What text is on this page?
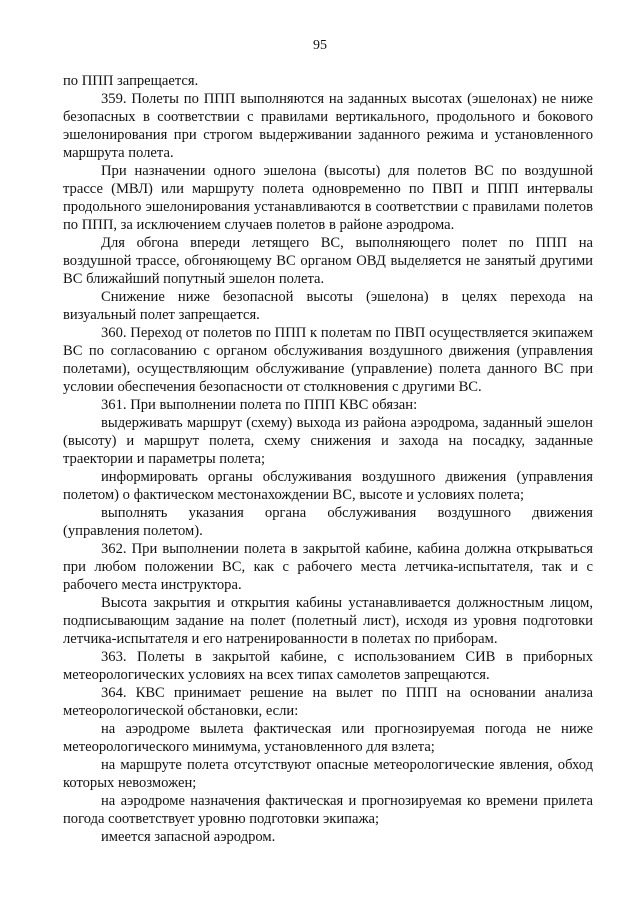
95

по ППП запрещается.

359. Полеты по ППП выполняются на заданных высотах (эшелонах) не ниже безопасных в соответствии с правилами вертикального, продольного и бокового эшелонирования при строгом выдерживании заданного режима и установленного маршрута полета.

При назначении одного эшелона (высоты) для полетов ВС по воздушной трассе (МВЛ) или маршруту полета одновременно по ПВП и ППП интервалы продольного эшелонирования устанавливаются в соответствии с правилами полетов по ППП, за исключением случаев полетов в районе аэродрома.

Для обгона впереди летящего ВС, выполняющего полет по ППП на воздушной трассе, обгоняющему ВС органом ОВД выделяется не занятый другими ВС ближайший попутный эшелон полета.

Снижение ниже безопасной высоты (эшелона) в целях перехода на визуальный полет запрещается.

360. Переход от полетов по ППП к полетам по ПВП осуществляется экипажем ВС по согласованию с органом обслуживания воздушного движения (управления полетами), осуществляющим обслуживание (управление) полета данного ВС при условии обеспечения безопасности от столкновения с другими ВС.

361. При выполнении полета по ППП КВС обязан:

выдерживать маршрут (схему) выхода из района аэродрома, заданный эшелон (высоту) и маршрут полета, схему снижения и захода на посадку, заданные траектории и параметры полета;

информировать органы обслуживания воздушного движения (управления полетом) о фактическом местонахождении ВС, высоте и условиях полета;

выполнять указания органа обслуживания воздушного движения

(управления полетом).

362. При выполнении полета в закрытой кабине, кабина должна открываться при любом положении ВС, как с рабочего места летчика-испытателя, так и с рабочего места инструктора.

Высота закрытия и открытия кабины устанавливается должностным лицом, подписывающим задание на полет (полетный лист), исходя из уровня подготовки летчика-испытателя и его натренированности в полетах по приборам.

363. Полеты в закрытой кабине, с использованием СИВ в приборных метеорологических условиях на всех типах самолетов запрещаются.

364. КВС принимает решение на вылет по ППП на основании анализа метеорологической обстановки, если:

на аэродроме вылета фактическая или прогнозируемая погода не ниже метеорологического минимума, установленного для взлета;

на маршруте полета отсутствуют опасные метеорологические явления, обход которых невозможен;

на аэродроме назначения фактическая и прогнозируемая ко времени прилета погода соответствует уровню подготовки экипажа;

имеется запасной аэродром.
